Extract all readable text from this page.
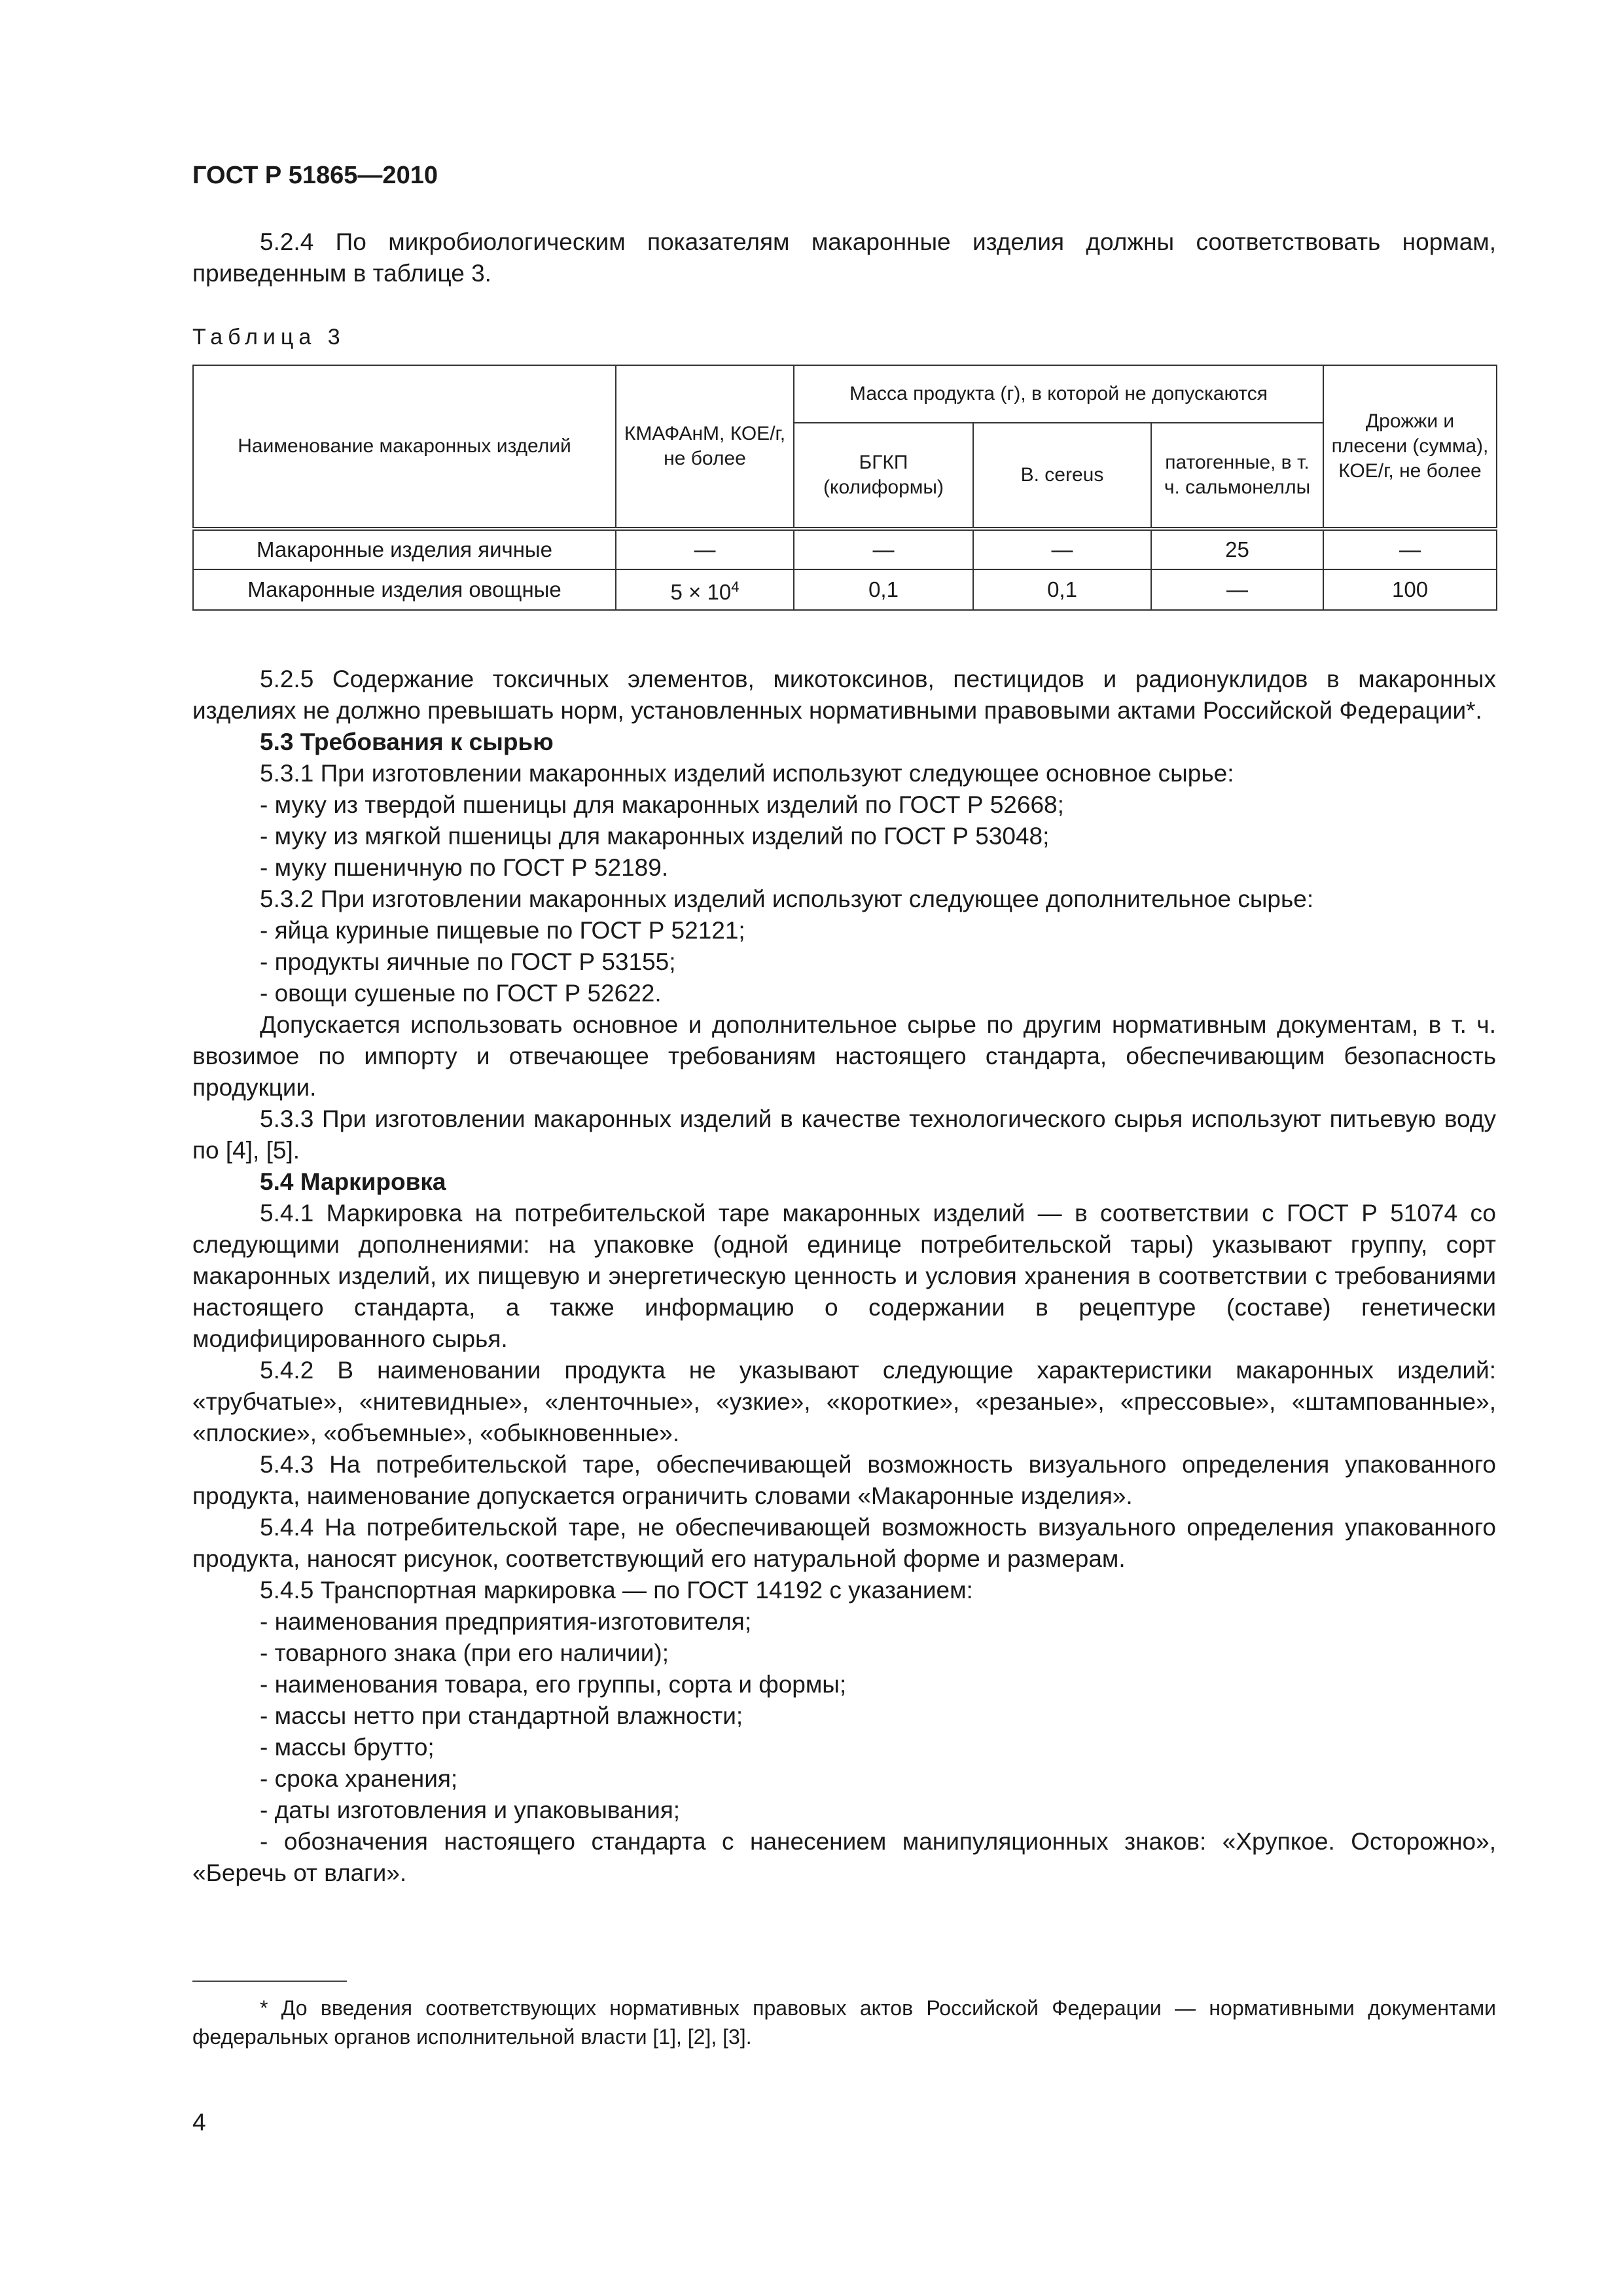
ГОСТ Р 51865—2010

5.2.4 По микробиологическим показателям макаронные изделия должны соответствовать нормам, приведенным в таблице 3.

Таблица 3
Наименование макаронных изделий	КМАФАнМ, КОЕ/г, не более	Масса продукта (г), в которой не допускаются			Дрожжи и плесени (сумма), КОЕ/г, не более
		БГКП (колиформы)	B. cereus	патогенные, в т. ч. сальмонеллы	
Макаронные изделия яичные	—	—	—	25	—
Макаронные изделия овощные	$5 \times 10^4$	0,1	0,1	—	100

5.2.5 Содержание токсичных элементов, микотоксинов, пестицидов и радионуклидов в макаронных изделиях не должно превышать норм, установленных нормативными правовыми актами Российской Федерации*.

5.3 Требования к сырью

5.3.1 При изготовлении макаронных изделий используют следующее основное сырье:

- муку из твердой пшеницы для макаронных изделий по ГОСТ Р 52668;

- муку из мягкой пшеницы для макаронных изделий по ГОСТ Р 53048;

- муку пшеничную по ГОСТ Р 52189.

5.3.2 При изготовлении макаронных изделий используют следующее дополнительное сырье:

- яйца куриные пищевые по ГОСТ Р 52121;

- продукты яичные по ГОСТ Р 53155;

- овощи сушеные по ГОСТ Р 52622.

Допускается использовать основное и дополнительное сырье по другим нормативным документам, в т. ч. ввозимое по импорту и отвечающее требованиям настоящего стандарта, обеспечивающим безопасность продукции.

5.3.3 При изготовлении макаронных изделий в качестве технологического сырья используют питьевую воду по [4], [5].

5.4 Маркировка

5.4.1 Маркировка на потребительской таре макаронных изделий — в соответствии с ГОСТ Р 51074 со следующими дополнениями: на упаковке (одной единице потребительской тары) указывают группу, сорт макаронных изделий, их пищевую и энергетическую ценность и условия хранения в соответствии с требованиями настоящего стандарта, а также информацию о содержании в рецептуре (составе) генетически модифицированного сырья.

5.4.2 В наименовании продукта не указывают следующие характеристики макаронных изделий: «трубчатые», «нитевидные», «ленточные», «узкие», «короткие», «резаные», «прессовые», «штампованные», «плоские», «объемные», «обыкновенные».

5.4.3 На потребительской таре, обеспечивающей возможность визуального определения упакованного продукта, наименование допускается ограничить словами «Макаронные изделия».

5.4.4 На потребительской таре, не обеспечивающей возможность визуального определения упакованного продукта, наносят рисунок, соответствующий его натуральной форме и размерам.

5.4.5 Транспортная маркировка — по ГОСТ 14192 с указанием:

- наименования предприятия-изготовителя;

- товарного знака (при его наличии);

- наименования товара, его группы, сорта и формы;

- массы нетто при стандартной влажности;

- массы брутто;

- срока хранения;

- даты изготовления и упаковывания;

- обозначения настоящего стандарта с нанесением манипуляционных знаков: «Хрупкое. Осторожно», «Беречь от влаги».

* До введения соответствующих нормативных правовых актов Российской Федерации — нормативными документами федеральных органов исполнительной власти [1], [2], [3].
4
